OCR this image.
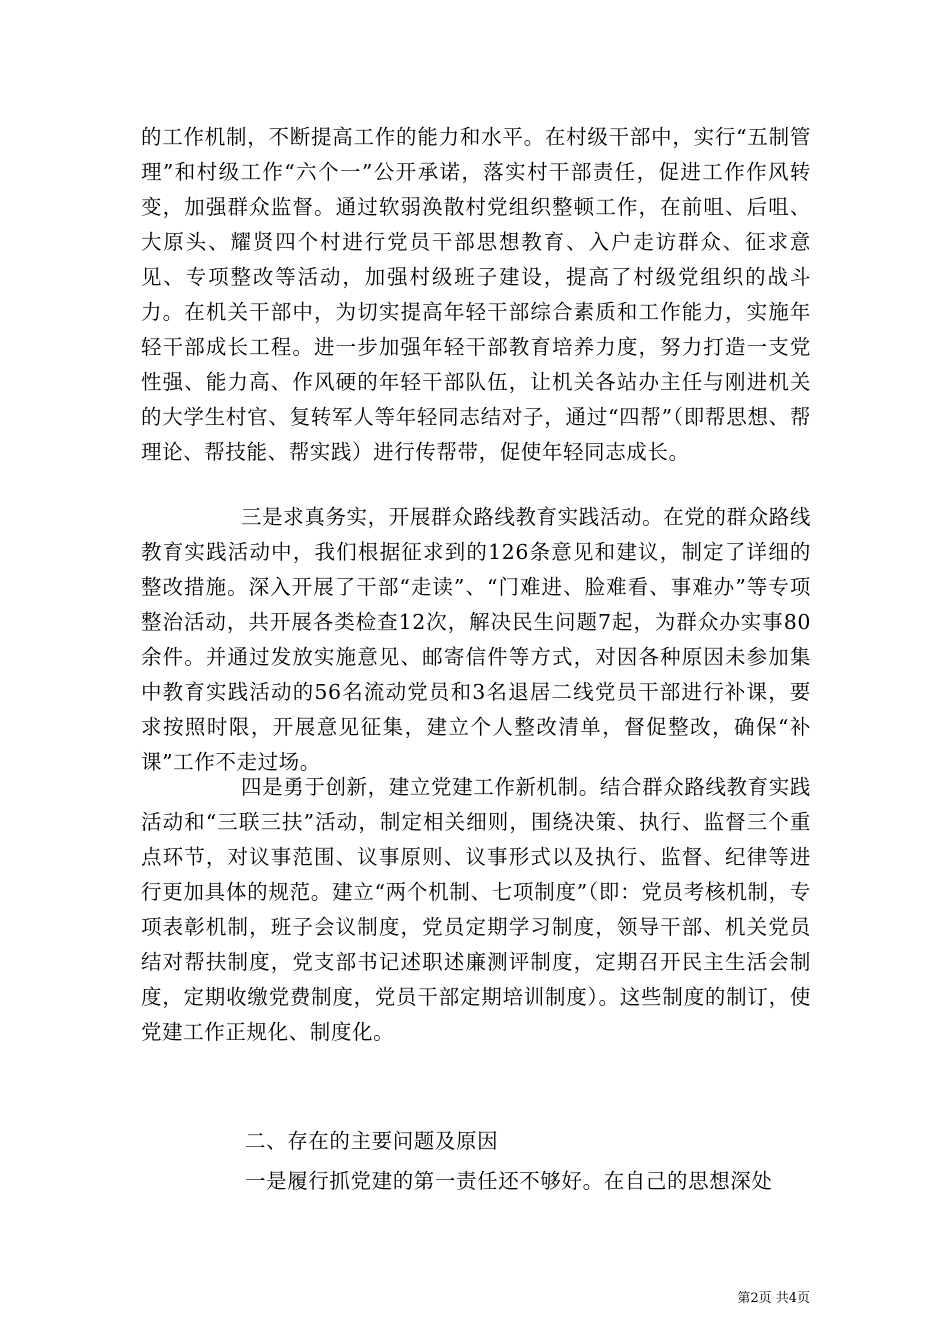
的工作机制，不断提高工作的能力和水平。在村级干部中，实行“五制管理”和村级工作“六个一”公开承诺，落实村干部责任，促进工作作风转变，加强群众监督。通过软弱涣散村党组织整顿工作，在前咀、后咀、大原头、耀贤四个村进行党员干部思想教育、入户走访群众、征求意见、专项整改等活动，加强村级班子建设，提高了村级党组织的战斗力。在机关干部中，为切实提高年轻干部综合素质和工作能力，实施年轻干部成长工程。进一步加强年轻干部教育培养力度，努力打造一支党性强、能力高、作风硬的年轻干部队伍，让机关各站办主任与刚进机关的大学生村官、复转军人等年轻同志结对子，通过“四帮”（即帮思想、帮理论、帮技能、帮实践）进行传帮带，促使年轻同志成长。

三是求真务实，开展群众路线教育实践活动。在党的群众路线教育实践活动中，我们根据征求到的126条意见和建议，制定了详细的整改措施。深入开展了干部“走读”、“门难进、脸难看、事难办”等专项整治活动，共开展各类检查12次，解决民生问题7起，为群众办实事80余件。并通过发放实施意见、邮寄信件等方式，对因各种原因未参加集中教育实践活动的56名流动党员和3名退居二线党员干部进行补课，要求按照时限，开展意见征集，建立个人整改清单，督促整改，确保“补课”工作不走过场。

四是勇于创新，建立党建工作新机制。结合群众路线教育实践活动和“三联三扶”活动，制定相关细则，围绕决策、执行、监督三个重点环节，对议事范围、议事原则、议事形式以及执行、监督、纪律等进行更加具体的规范。建立“两个机制、七项制度”（即：党员考核机制，专项表彰机制，班子会议制度，党员定期学习制度，领导干部、机关党员结对帮扶制度，党支部书记述职述廉测评制度，定期召开民主生活会制度，定期收缴党费制度，党员干部定期培训制度）。这些制度的制订，使党建工作正规化、制度化。

二、存在的主要问题及原因

一是履行抓党建的第一责任还不够好。在自己的思想深处

第2页 共4页
